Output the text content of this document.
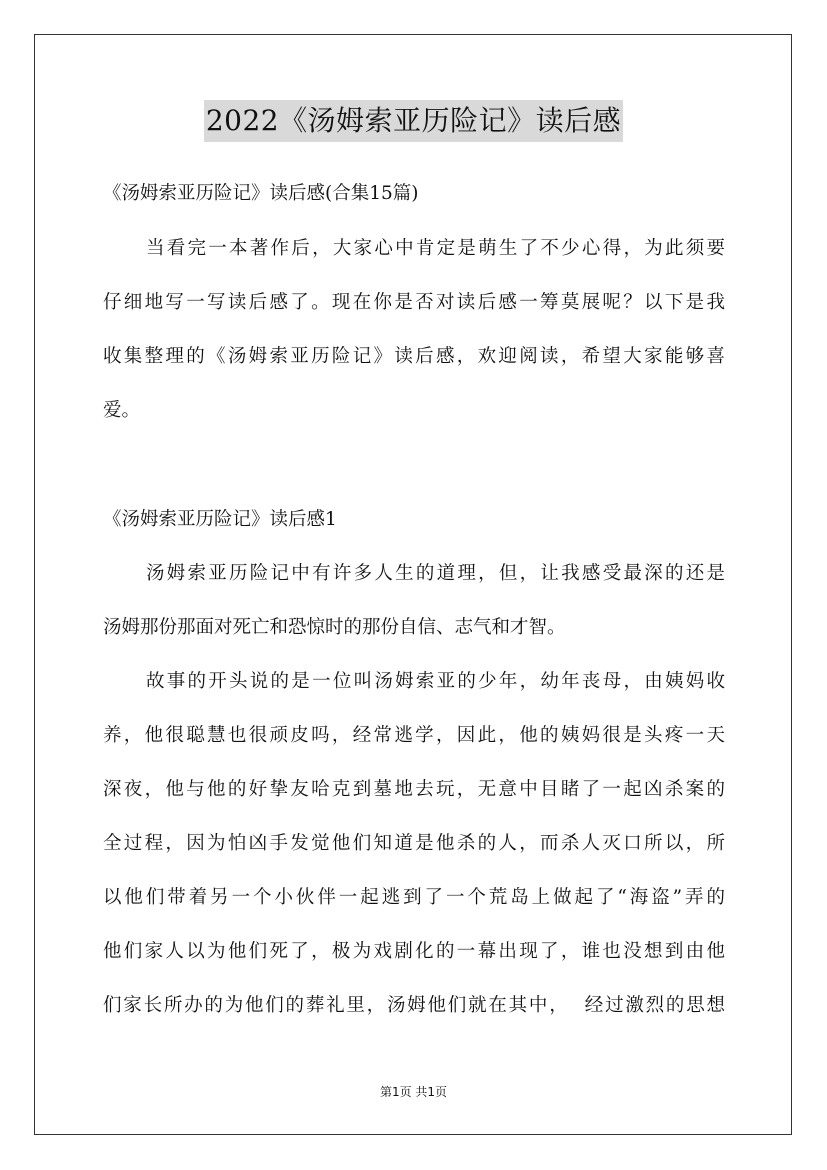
2022《汤姆索亚历险记》读后感
《汤姆索亚历险记》读后感(合集15篇)
当看完一本著作后，大家心中肯定是萌生了不少心得，为此须要
仔细地写一写读后感了。现在你是否对读后感一筹莫展呢？以下是我
收集整理的《汤姆索亚历险记》读后感，欢迎阅读，希望大家能够喜
爱。
《汤姆索亚历险记》读后感1
汤姆索亚历险记中有许多人生的道理，但，让我感受最深的还是
汤姆那份那面对死亡和恐惊时的那份自信、志气和才智。
故事的开头说的是一位叫汤姆索亚的少年，幼年丧母，由姨妈收
养，他很聪慧也很顽皮吗，经常逃学，因此，他的姨妈很是头疼一天
深夜，他与他的好挚友哈克到墓地去玩，无意中目睹了一起凶杀案的
全过程，因为怕凶手发觉他们知道是他杀的人，而杀人灭口所以，所
以他们带着另一个小伙伴一起逃到了一个荒岛上做起了“海盗”弄的
他们家人以为他们死了，极为戏剧化的一幕出现了，谁也没想到由他
们家长所办的为他们的葬礼里，汤姆他们就在其中，  经过激烈的思想
第1页 共1页
